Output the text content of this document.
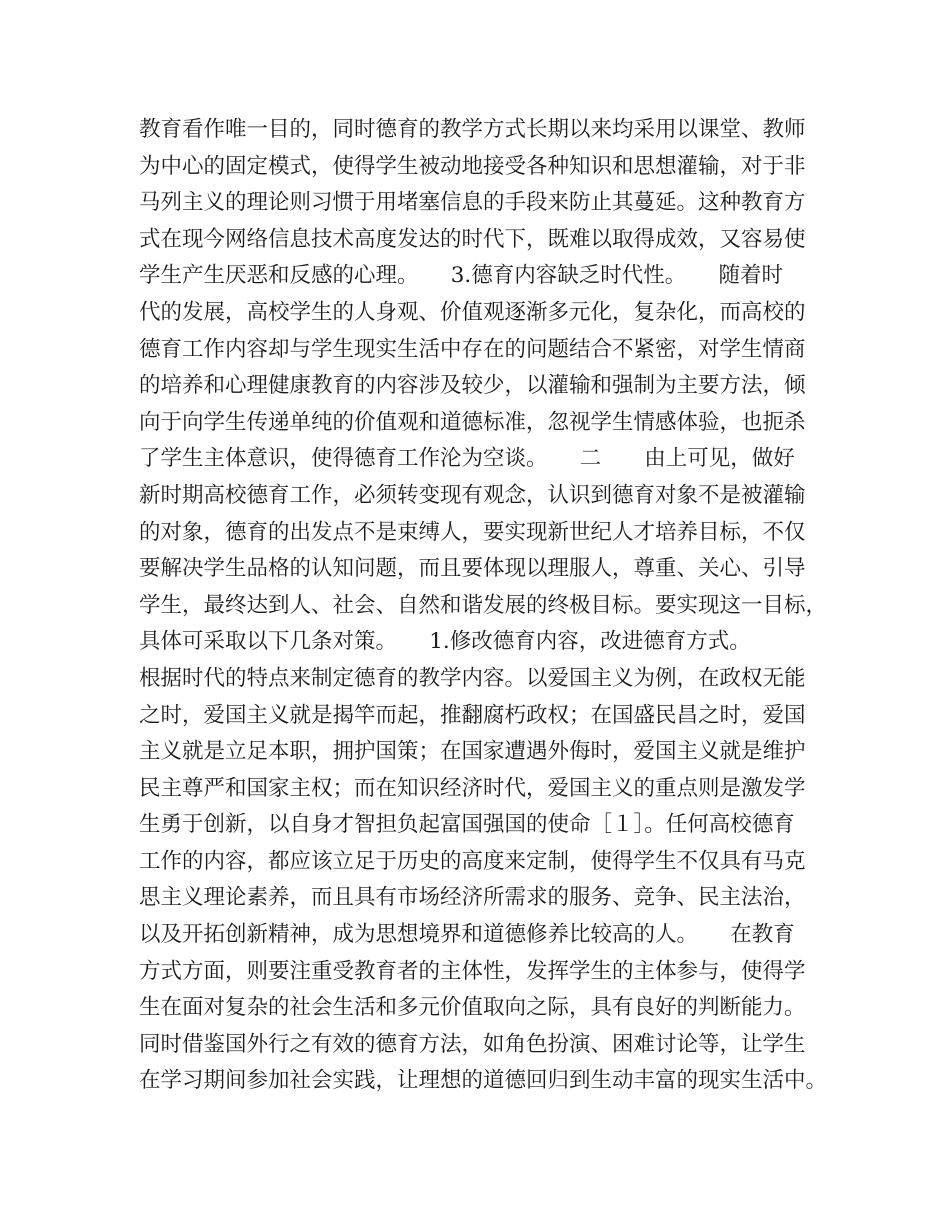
教育看作唯一目的，同时德育的教学方式长期以来均采用以课堂、教师
为中心的固定模式，使得学生被动地接受各种知识和思想灌输，对于非
马列主义的理论则习惯于用堵塞信息的手段来防止其蔓延。这种教育方
式在现今网络信息技术高度发达的时代下，既难以取得成效，又容易使
学生产生厌恶和反感的心理。　　3.德育内容缺乏时代性。　　随着时
代的发展，高校学生的人身观、价值观逐渐多元化，复杂化，而高校的
德育工作内容却与学生现实生活中存在的问题结合不紧密，对学生情商
的培养和心理健康教育的内容涉及较少，以灌输和强制为主要方法，倾
向于向学生传递单纯的价值观和道德标准，忽视学生情感体验，也扼杀
了学生主体意识，使得德育工作沦为空谈。　　二　　由上可见，做好
新时期高校德育工作，必须转变现有观念，认识到德育对象不是被灌输
的对象，德育的出发点不是束缚人，要实现新世纪人才培养目标，不仅
要解决学生品格的认知问题，而且要体现以理服人，尊重、关心、引导
学生，最终达到人、社会、自然和谐发展的终极目标。要实现这一目标，
具体可采取以下几条对策。　　1.修改德育内容，改进德育方式。
根据时代的特点来制定德育的教学内容。以爱国主义为例，在政权无能
之时，爱国主义就是揭竿而起，推翻腐朽政权；在国盛民昌之时，爱国
主义就是立足本职，拥护国策；在国家遭遇外侮时，爱国主义就是维护
民主尊严和国家主权；而在知识经济时代，爱国主义的重点则是激发学
生勇于创新，以自身才智担负起富国强国的使命［１］。任何高校德育
工作的内容，都应该立足于历史的高度来定制，使得学生不仅具有马克
思主义理论素养，而且具有市场经济所需求的服务、竞争、民主法治，
以及开拓创新精神，成为思想境界和道德修养比较高的人。　　在教育
方式方面，则要注重受教育者的主体性，发挥学生的主体参与，使得学
生在面对复杂的社会生活和多元价值取向之际，具有良好的判断能力。
同时借鉴国外行之有效的德育方法，如角色扮演、困难讨论等，让学生
在学习期间参加社会实践，让理想的道德回归到生动丰富的现实生活中。
